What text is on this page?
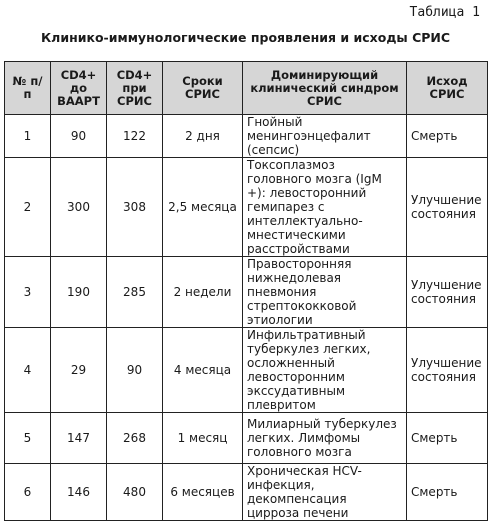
Таблица 1
Клинико-иммунологические проявления и исходы СРИС
№ п/п	CD4+ до ВААРТ	CD4+ при СРИС	Сроки СРИС	Доминирующий клинический синдром СРИС	Исход СРИС
1	90	122	2 дня	Гнойный менингоэнцефалит (сепсис)	Смерть
2	300	308	2,5 месяца	Токсоплазмоз головного мозга (IgM +): левосторонний гемипарез с интеллектуально-мнестическими расстройствами	Улучшение состояния
3	190	285	2 недели	Правосторонняя нижнедолевая пневмония стрептококковой этиологии	Улучшение состояния
4	29	90	4 месяца	Инфильтративный туберкулез легких, осложненный левосторонним экссудативным плевритом	Улучшение состояния
5	147	268	1 месяц	Милиарный туберкулез легких. Лимфомы головного мозга	Смерть
6	146	480	6 месяцев	Хроническая HCV-инфекция, декомпенсация цирроза печени	Смерть
